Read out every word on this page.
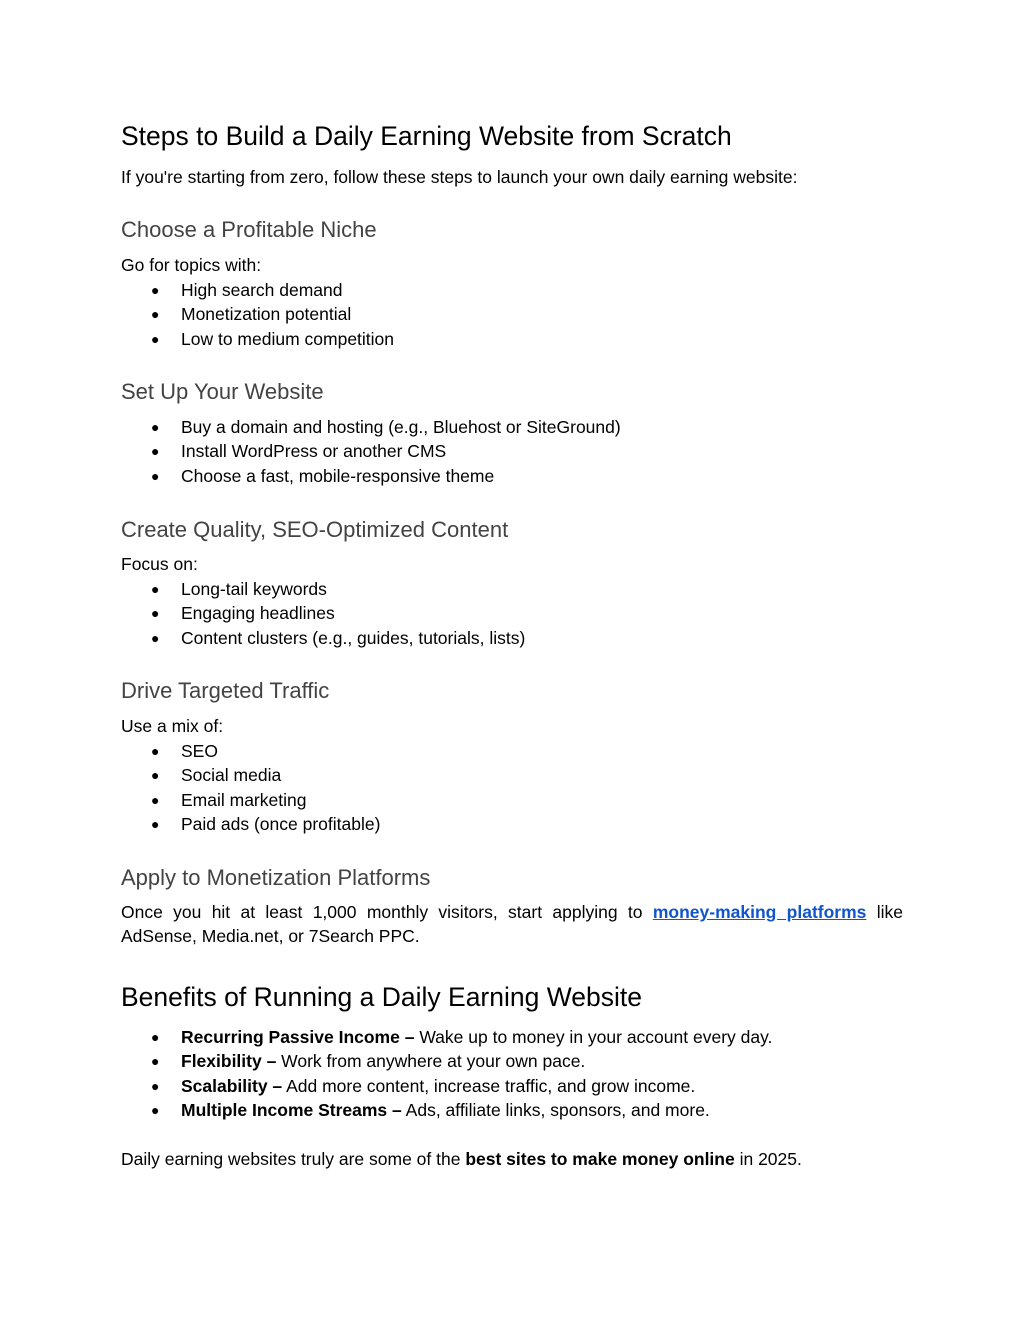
Steps to Build a Daily Earning Website from Scratch
If you're starting from zero, follow these steps to launch your own daily earning website:
Choose a Profitable Niche
Go for topics with:
● High search demand
● Monetization potential
● Low to medium competition
Set Up Your Website
● Buy a domain and hosting (e.g., Bluehost or SiteGround)
● Install WordPress or another CMS
● Choose a fast, mobile-responsive theme
Create Quality, SEO-Optimized Content
Focus on:
● Long-tail keywords
● Engaging headlines
● Content clusters (e.g., guides, tutorials, lists)
Drive Targeted Traffic
Use a mix of:
● SEO
● Social media
● Email marketing
● Paid ads (once profitable)
Apply to Monetization Platforms
Once you hit at least 1,000 monthly visitors, start applying to money-making platforms like AdSense, Media.net, or 7Search PPC.
Benefits of Running a Daily Earning Website
● Recurring Passive Income – Wake up to money in your account every day.
● Flexibility – Work from anywhere at your own pace.
● Scalability – Add more content, increase traffic, and grow income.
● Multiple Income Streams – Ads, affiliate links, sponsors, and more.
Daily earning websites truly are some of the best sites to make money online in 2025.
